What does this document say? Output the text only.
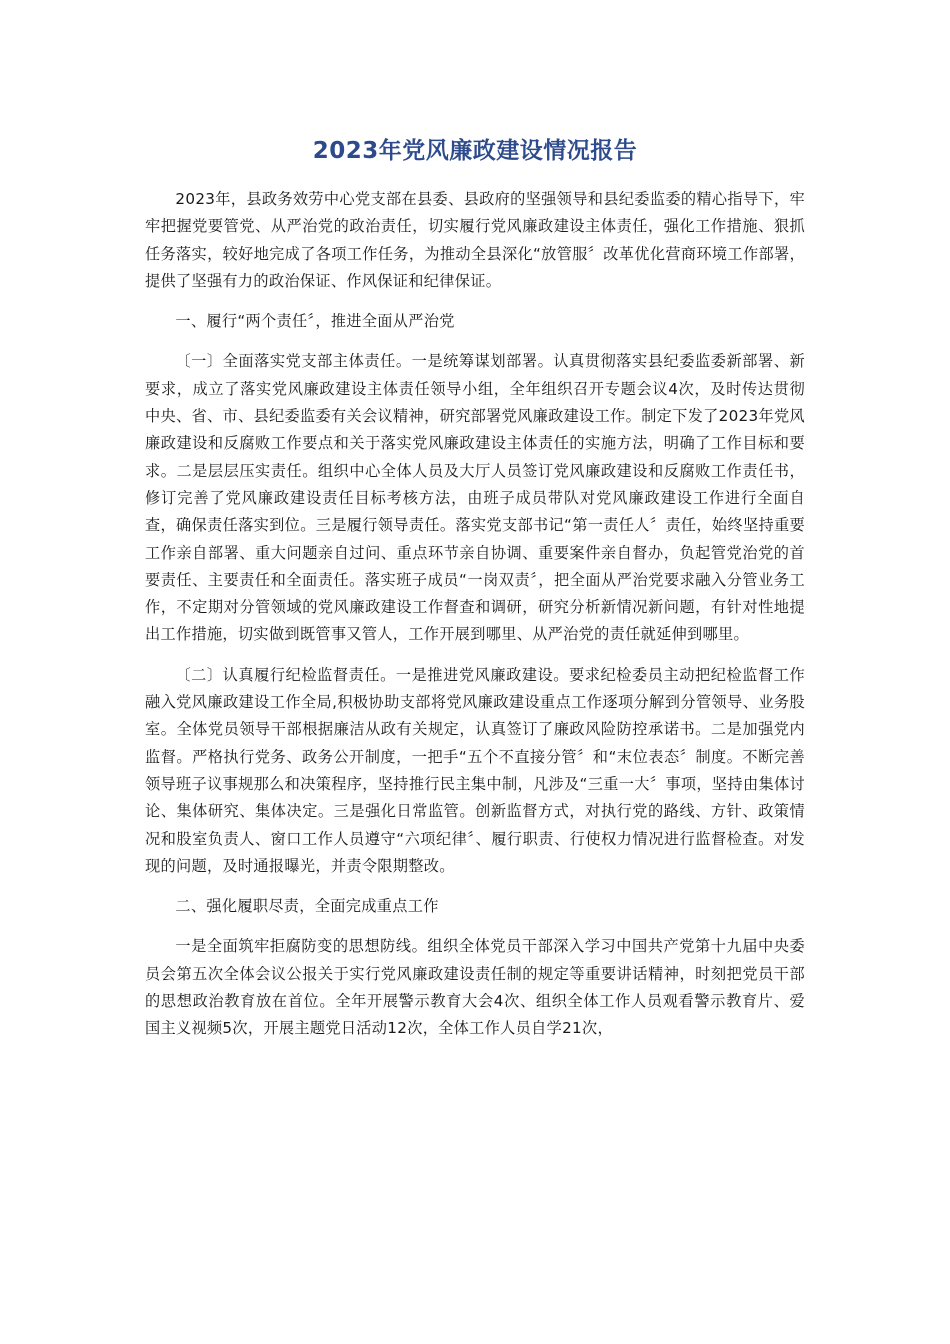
2023年党风廉政建设情况报告

2023年，县政务效劳中心党支部在县委、县政府的坚强领导和县纪委监委的精心指导下，牢牢把握党要管党、从严治党的政治责任，切实履行党风廉政建设主体责任，强化工作措施、狠抓任务落实，较好地完成了各项工作任务，为推动全县深化“放管服〞改革优化营商环境工作部署，提供了坚强有力的政治保证、作风保证和纪律保证。

一、履行“两个责任〞，推进全面从严治党

〔一〕全面落实党支部主体责任。一是统筹谋划部署。认真贯彻落实县纪委监委新部署、新要求，成立了落实党风廉政建设主体责任领导小组，全年组织召开专题会议4次，及时传达贯彻中央、省、市、县纪委监委有关会议精神，研究部署党风廉政建设工作。制定下发了2023年党风廉政建设和反腐败工作要点和关于落实党风廉政建设主体责任的实施方法，明确了工作目标和要求。二是层层压实责任。组织中心全体人员及大厅人员签订党风廉政建设和反腐败工作责任书，修订完善了党风廉政建设责任目标考核方法，由班子成员带队对党风廉政建设工作进行全面自查，确保责任落实到位。三是履行领导责任。落实党支部书记“第一责任人〞责任，始终坚持重要工作亲自部署、重大问题亲自过问、重点环节亲自协调、重要案件亲自督办，负起管党治党的首要责任、主要责任和全面责任。落实班子成员“一岗双责〞，把全面从严治党要求融入分管业务工作，不定期对分管领域的党风廉政建设工作督查和调研，研究分析新情况新问题，有针对性地提出工作措施，切实做到既管事又管人，工作开展到哪里、从严治党的责任就延伸到哪里。

〔二〕认真履行纪检监督责任。一是推进党风廉政建设。要求纪检委员主动把纪检监督工作融入党风廉政建设工作全局,积极协助支部将党风廉政建设重点工作逐项分解到分管领导、业务股室。全体党员领导干部根据廉洁从政有关规定，认真签订了廉政风险防控承诺书。二是加强党内监督。严格执行党务、政务公开制度，一把手“五个不直接分管〞和“末位表态〞制度。不断完善领导班子议事规那么和决策程序，坚持推行民主集中制，凡涉及“三重一大〞事项，坚持由集体讨论、集体研究、集体决定。三是强化日常监管。创新监督方式，对执行党的路线、方针、政策情况和股室负责人、窗口工作人员遵守“六项纪律〞、履行职责、行使权力情况进行监督检查。对发现的问题，及时通报曝光，并责令限期整改。

二、强化履职尽责，全面完成重点工作

一是全面筑牢拒腐防变的思想防线。组织全体党员干部深入学习中国共产党第十九届中央委员会第五次全体会议公报关于实行党风廉政建设责任制的规定等重要讲话精神，时刻把党员干部的思想政治教育放在首位。全年开展警示教育大会4次、组织全体工作人员观看警示教育片、爱国主义视频5次，开展主题党日活动12次，全体工作人员自学21次，
